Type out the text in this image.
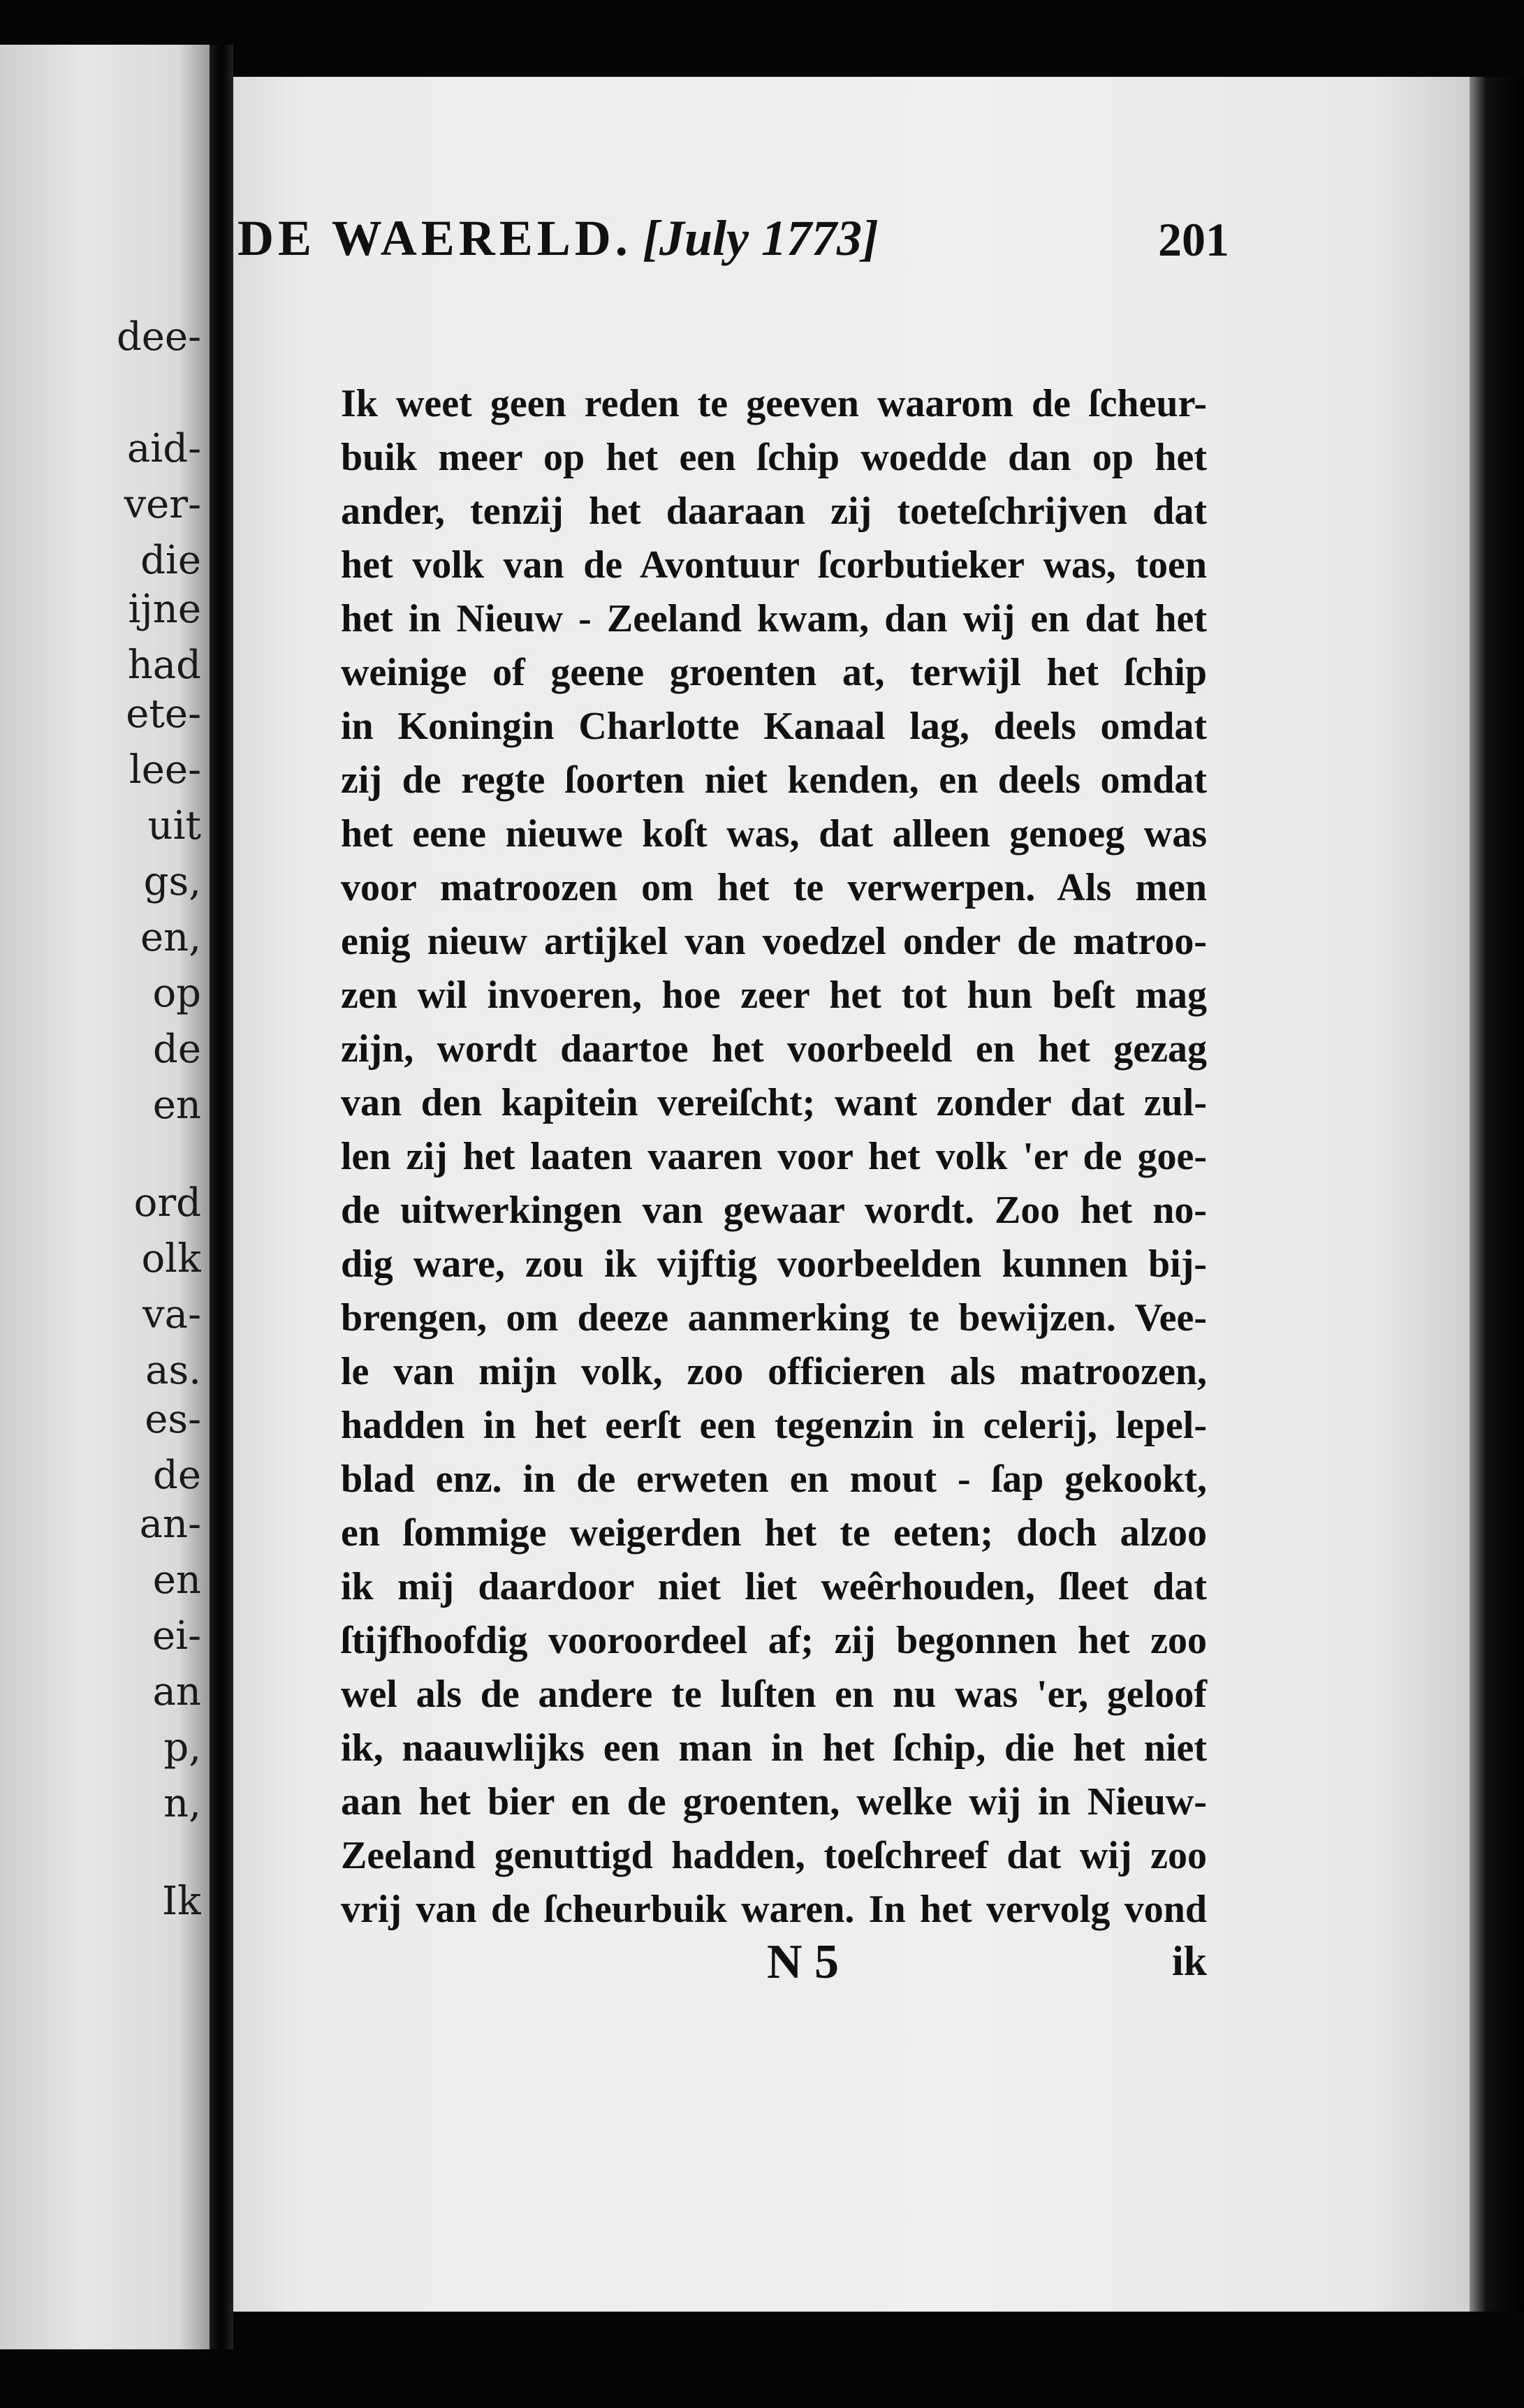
dee-
aid-
ver-
die
ijne
had
ete-
lee-
uit
gs,
en,
op
de
en
ord
olk
va-
as.
es-
de
an-
en
ei-
an
p,
n,
Ik
DE WAERELD. [July 1773]	201
Ik weet geen reden te geeven waarom de ſcheur-
buik meer op het een ſchip woedde dan op het
ander, tenzij het daaraan zij toeteſchrijven dat
het volk van de Avontuur ſcorbutieker was, toen
het in Nieuw - Zeeland kwam, dan wij en dat het
weinige of geene groenten at, terwijl het ſchip
in Koningin Charlotte Kanaal lag, deels omdat
zij de regte ſoorten niet kenden, en deels omdat
het eene nieuwe koſt was, dat alleen genoeg was
voor matroozen om het te verwerpen. Als men
enig nieuw artijkel van voedzel onder de matroo-
zen wil invoeren, hoe zeer het tot hun beſt mag
zijn, wordt daartoe het voorbeeld en het gezag
van den kapitein vereiſcht; want zonder dat zul-
len zij het laaten vaaren voor het volk 'er de goe-
de uitwerkingen van gewaar wordt. Zoo het no-
dig ware, zou ik vijftig voorbeelden kunnen bij-
brengen, om deeze aanmerking te bewijzen. Vee-
le van mijn volk, zoo officieren als matroozen,
hadden in het eerſt een tegenzin in celerij, lepel-
blad enz. in de erweten en mout - ſap gekookt,
en ſommige weigerden het te eeten; doch alzoo
ik mij daardoor niet liet weêrhouden, ſleet dat
ſtijfhoofdig vooroordeel af; zij begonnen het zoo
wel als de andere te luſten en nu was 'er, geloof
ik, naauwlijks een man in het ſchip, die het niet
aan het bier en de groenten, welke wij in Nieuw-
Zeeland genuttigd hadden, toeſchreef dat wij zoo
vrij van de ſcheurbuik waren. In het vervolg vond
N 5	ik
